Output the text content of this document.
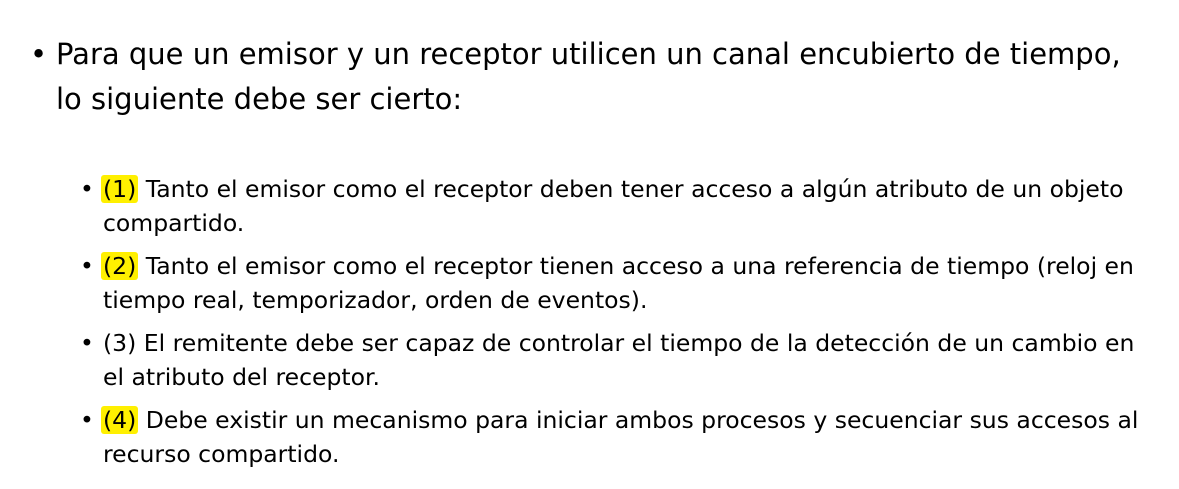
• Para que un emisor y un receptor utilicen un canal encubierto de tiempo, lo siguiente debe ser cierto:
• (1) Tanto el emisor como el receptor deben tener acceso a algún atributo de un objeto compartido.
• (2) Tanto el emisor como el receptor tienen acceso a una referencia de tiempo (reloj en tiempo real, temporizador, orden de eventos).
• (3) El remitente debe ser capaz de controlar el tiempo de la detección de un cambio en el atributo del receptor.
• (4) Debe existir un mecanismo para iniciar ambos procesos y secuenciar sus accesos al recurso compartido.
